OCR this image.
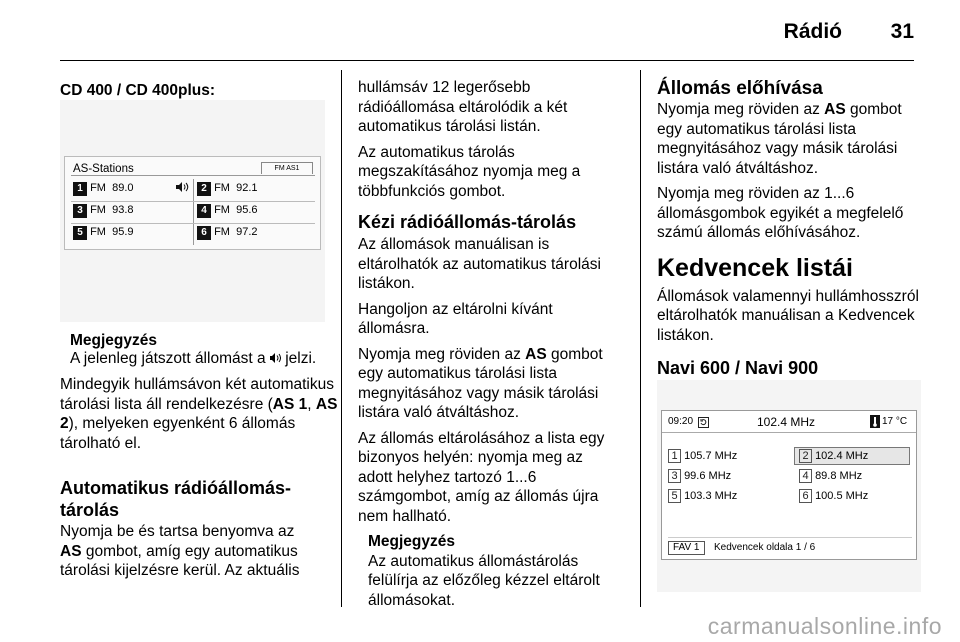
Rádió 31
CD 400 / CD 400plus:
AS-Stations	FM AS1
1 FM 89.0	2 FM 92.1
3 FM 93.8	4 FM 95.6
5 FM 95.9	6 FM 97.2
Megjegyzés
A jelenleg játszott állomást a jelzi.
Mindegyik hullámsávon két automatikus tárolási lista áll rendelkezésre (AS 1, AS 2), melyeken egyenként 6 állomás tárolható el.
Automatikus rádióállomás-tárolás
Nyomja be és tartsa benyomva az
AS gombot, amíg egy automatikus tárolási kijelzésre kerül. Az aktuális

hullámsáv 12 legerősebb rádióállomása eltárolódik a két automatikus tárolási listán.

Az automatikus tárolás megszakításához nyomja meg a többfunkciós gombot.

Kézi rádióállomás-tárolás

Az állomások manuálisan is eltárolhatók az automatikus tárolási listákon.

Hangoljon az eltárolni kívánt állomásra.

Nyomja meg röviden az AS gombot egy automatikus tárolási lista megnyitásához vagy másik tárolási listára való átváltáshoz.

Az állomás eltárolásához a lista egy bizonyos helyén: nyomja meg az adott helyhez tartozó 1...6 számgombot, amíg az állomás újra nem hallható.

Megjegyzés
Az automatikus állomástárolás felülírja az előzőleg kézzel eltárolt állomásokat.
Állomás előhívása

Nyomja meg röviden az AS gombot egy automatikus tárolási lista megnyitásához vagy másik tárolási listára való átváltáshoz.

Nyomja meg röviden az 1...6 állomásgombok egyikét a megfelelő számú állomás előhívásához.

Kedvencek listái

Állomások valamennyi hullámhosszról eltárolhatók manuálisan a Kedvencek listákon.

Navi 600 / Navi 900
09:20	102.4 MHz	17 °C
1 105.7 MHz	2 102.4 MHz
3 99.6 MHz	4 89.8 MHz
5 103.3 MHz	6 100.5 MHz
FAV 1	Kedvencek oldala 1 / 6
carmanualsonline.info
